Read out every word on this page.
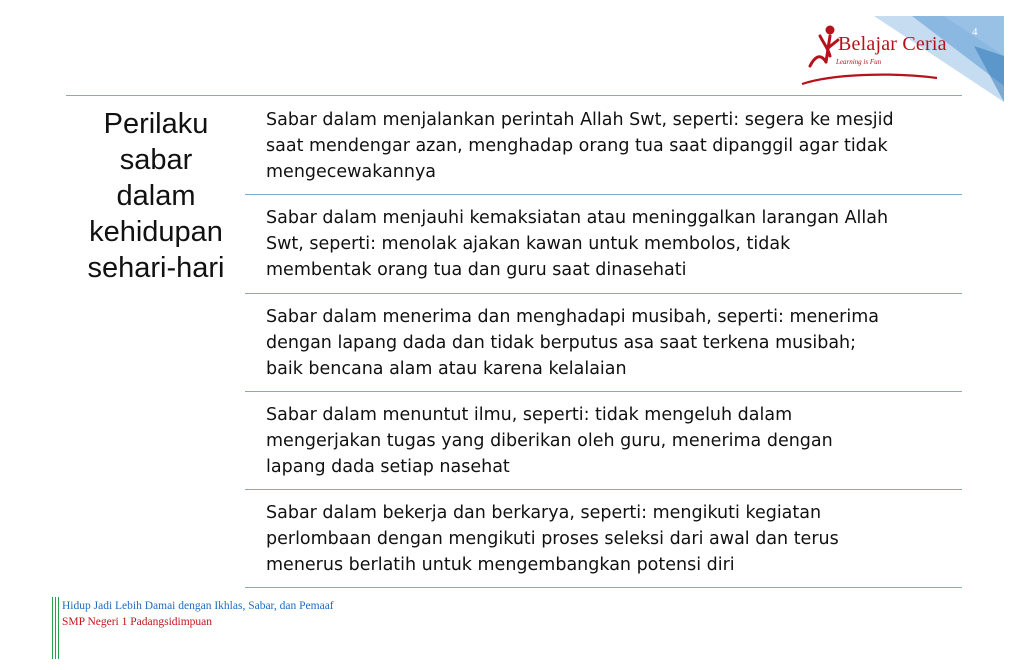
4
Belajar Ceria
Learning is Fun
Perilaku
sabar
dalam
kehidupan
sehari-hari
Sabar dalam menjalankan perintah Allah Swt, seperti: segera ke mesjid
saat mendengar azan, menghadap orang tua saat dipanggil agar tidak
mengecewakannya
Sabar dalam menjauhi kemaksiatan atau meninggalkan larangan Allah
Swt, seperti: menolak ajakan kawan untuk membolos, tidak
membentak orang tua dan guru saat dinasehati
Sabar dalam menerima dan menghadapi musibah, seperti: menerima
dengan lapang dada dan tidak berputus asa saat terkena musibah;
baik bencana alam atau karena kelalaian
Sabar dalam menuntut ilmu, seperti: tidak mengeluh dalam
mengerjakan tugas yang diberikan oleh guru, menerima dengan
lapang dada setiap nasehat
Sabar dalam bekerja dan berkarya, seperti: mengikuti kegiatan
perlombaan dengan mengikuti proses seleksi dari awal dan terus
menerus berlatih untuk mengembangkan potensi diri
Hidup Jadi Lebih Damai dengan Ikhlas, Sabar, dan Pemaaf
SMP Negeri 1 Padangsidimpuan
